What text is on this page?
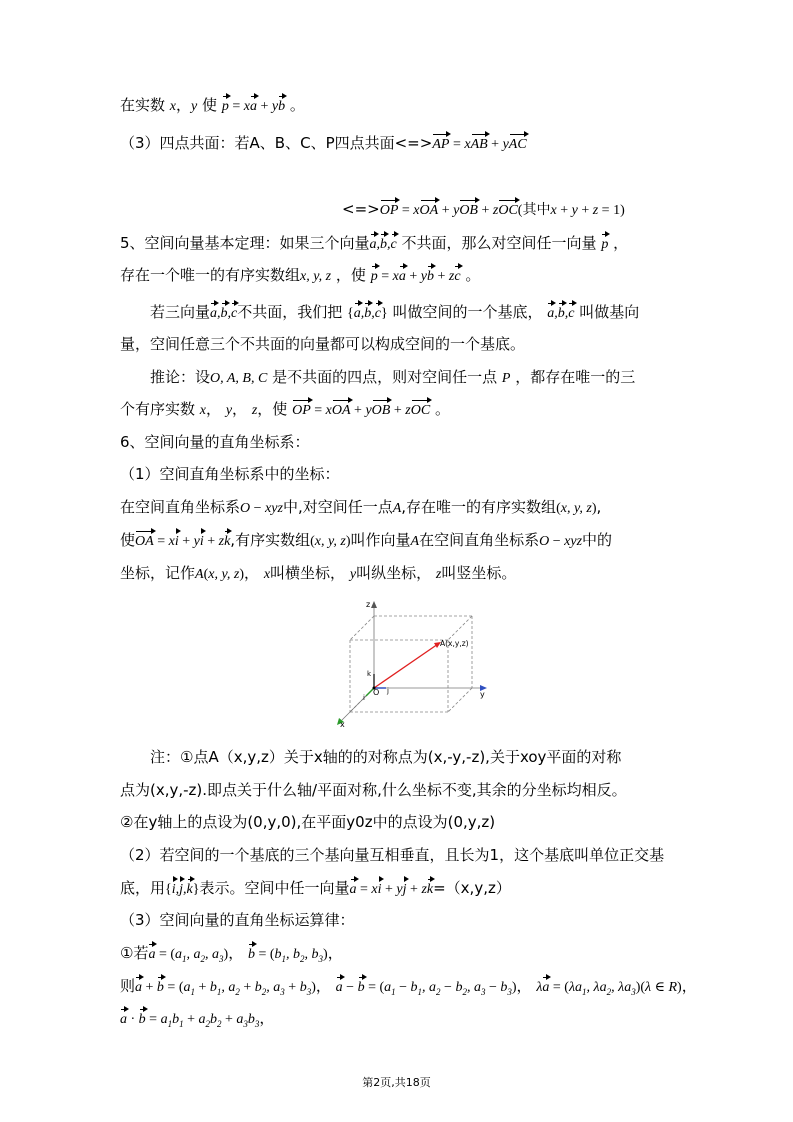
在实数 x，y 使 p = xa + yb 。
（3）四点共面：若A、B、C、P四点共面<=>AP = xAB + yAC
<=>OP = xOA + yOB + zOC(其中x + y + z = 1)
5、空间向量基本定理：如果三个向量a,b,c 不共面，那么对空间任一向量 p ，
存在一个唯一的有序实数组x, y, z ，使 p = xa + yb + zc 。
若三向量a,b,c不共面，我们把 {a,b,c} 叫做空间的一个基底， a,b,c 叫做基向
量，空间任意三个不共面的向量都可以构成空间的一个基底。
推论：设O, A, B, C 是不共面的四点，则对空间任一点 P ，都存在唯一的三
个有序实数 x， y， z，使 OP = xOA + yOB + zOC 。
6、空间向量的直角坐标系：
（1）空间直角坐标系中的坐标：
在空间直角坐标系O − xyz中,对空间任一点A,存在唯一的有序实数组(x, y, z),
使OA = xi + yi + zk,有序实数组(x, y, z)叫作向量A在空间直角坐标系O − xyz中的
坐标，记作A(x, y, z)， x叫横坐标， y叫纵坐标， z叫竖坐标。
z
y
x
O
k
j
i
A(x,y,z)
注：①点A（x,y,z）关于x轴的的对称点为(x,-y,-z),关于xoy平面的对称
点为(x,y,-z).即点关于什么轴/平面对称,什么坐标不变,其余的分坐标均相反。
②在y轴上的点设为(0,y,0),在平面y0z中的点设为(0,y,z)
（2）若空间的一个基底的三个基向量互相垂直，且长为1，这个基底叫单位正交基
底，用{i,j,k}表示。空间中任一向量a = xi + yj + zk=（x,y,z）
（3）空间向量的直角坐标运算律：
①若$a = (a_1$, $a_2$, $a_3$)， $b = (b_1$, $b_2$, $b_3$)，
则$a + b = (a_1 + b_1$, $a_2 + b_2$, $a_3 + b_3$)， $a - b = (a_1 - b_1$, $a_2 - b_2$, $a_3 - b_3$)， $\lambda a = (\lambda a_1$, $\lambda a_2$, $\lambda a_3)(\lambda$ ∈ R)，
$a \cdot b = a_1b_1 + a_2b_2 + a_3b_3$，
第2页,共18页
